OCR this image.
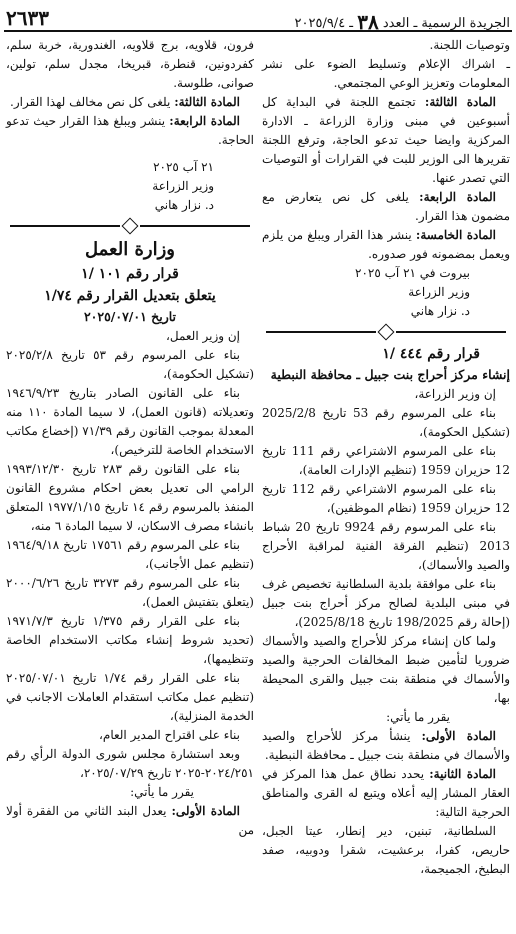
الجريدة الرسمية ـ العدد ٣٨ ـ ٢٠٢٥/٩/٤
٢٦٣٣

وتوصيات اللجنة.

ـ اشراك الإعلام وتسليط الضوء على نشر المعلومات وتعزيز الوعي المجتمعي.

المادة الثالثة: تجتمع اللجنة في البداية كل أسبوعين في مبنى وزارة الزراعة ـ الادارة المركزية وايضا حيث تدعو الحاجة، وترفع اللجنة تقريرها الى الوزير للبت في القرارات أو التوصيات التي تصدر عنها.

المادة الرابعة: يلغى كل نص يتعارض مع مضمون هذا القرار.

المادة الخامسة: ينشر هذا القرار ويبلغ من يلزم ويعمل بمضمونه فور صدوره.

بيروت في ٢١ آب ٢٠٢٥

وزير الزراعة

د. نزار هاني

قرار رقم ٤٤٤ /١

إنشاء مركز أحراج بنت جبيل ـ محافظة النبطية

إن وزير الزراعة،

بناء على المرسوم رقم 53 تاريخ 2025/2/8 (تشكيل الحكومة)،

بناء على المرسوم الاشتراعي رقم 111 تاريخ 12 حزيران 1959 (تنظيم الإدارات العامة)،

بناء على المرسوم الاشتراعي رقم 112 تاريخ 12 حزيران 1959 (نظام الموظفين)،

بناء على المرسوم رقم 9924 تاريخ 20 شباط 2013 (تنظيم الفرقة الفنية لمراقبة الأحراج والصيد والأسماك)،

بناء على موافقة بلدية السلطانية تخصيص غرف في مبنى البلدية لصالح مركز أحراج بنت جبيل (إحالة رقم 198/2025 تاريخ 2025/8/18)،

ولما كان إنشاء مركز للأحراج والصيد والأسماك ضروريا لتأمين ضبط المخالفات الحرجية والصيد والأسماك في منطقة بنت جبيل والقرى المحيطة بها،

يقرر ما يأتي:

المادة الأولى: ينشأ مركز للأحراج والصيد والأسماك في منطقة بنت جبيل ـ محافظة النبطية.

المادة الثانية: يحدد نطاق عمل هذا المركز في العقار المشار إليه أعلاه ويتبع له القرى والمناطق الحرجية التالية:

السلطانية، تبنين، دير إنطار، عيتا الجبل، حاريص، كفرا، برعشيت، شقرا ودوبيه، صفد البطيخ، الجميجمة،

فرون، قلاويه، برج قلاويه، الغندورية، خربة سلم، كفردونين، قنطرة، قبريخا، مجدل سلم، تولين، صوانى، طلوسة.

المادة الثالثة: يلغى كل نص مخالف لهذا القرار.

المادة الرابعة: ينشر ويبلغ هذا القرار حيث تدعو الحاجة.

٢١ آب ٢٠٢٥

وزير الزراعة

د. نزار هاني

وزارة العمل

قرار رقم ١٠١ /١

يتعلق بتعديل القرار رقم ١/٧٤

تاريخ ٢٠٢٥/٠٧/٠١

إن وزير العمل،

بناء على المرسوم رقم ٥٣ تاريخ ٢٠٢٥/٢/٨ (تشكيل الحكومة)،

بناء على القانون الصادر بتاريخ ١٩٤٦/٩/٢٣ وتعديلاته (قانون العمل)، لا سيما المادة ١١٠ منه المعدلة بموجب القانون رقم ٧١/٣٩ (إخضاع مكاتب الاستخدام الخاصة للترخيص)،

بناء على القانون رقم ٢٨٣ تاريخ ١٩٩٣/١٢/٣٠ الرامي الى تعديل بعض احكام مشروع القانون المنفذ بالمرسوم رقم ١٤ تاريخ ١٩٧٧/١/١٥ المتعلق بانشاء مصرف الاسكان، لا سيما المادة ٦ منه،

بناء على المرسوم رقم ١٧٥٦١ تاريخ ١٩٦٤/٩/١٨ (تنظيم عمل الأجانب)،

بناء على المرسوم رقم ٣٢٧٣ تاريخ ٢٠٠٠/٦/٢٦ (يتعلق بتفتيش العمل)،

بناء على القرار رقم ١/٣٧٥ تاريخ ١٩٧١/٧/٣ (تحديد شروط إنشاء مكاتب الاستخدام الخاصة وتنظيمها)،

بناء على القرار رقم ١/٧٤ تاريخ ٢٠٢٥/٠٧/٠١ (تنظيم عمل مكاتب استقدام العاملات الاجانب في الخدمة المنزلية)،

بناء على اقتراح المدير العام،

وبعد استشارة مجلس شورى الدولة الرأي رقم ٢٠٢٤/٢٥١-٢٠٢٥ تاريخ ٢٠٢٥/٠٧/٢٩،

يقرر ما يأتي:

المادة الأولى: يعدل البند الثاني من الفقرة أولا من
